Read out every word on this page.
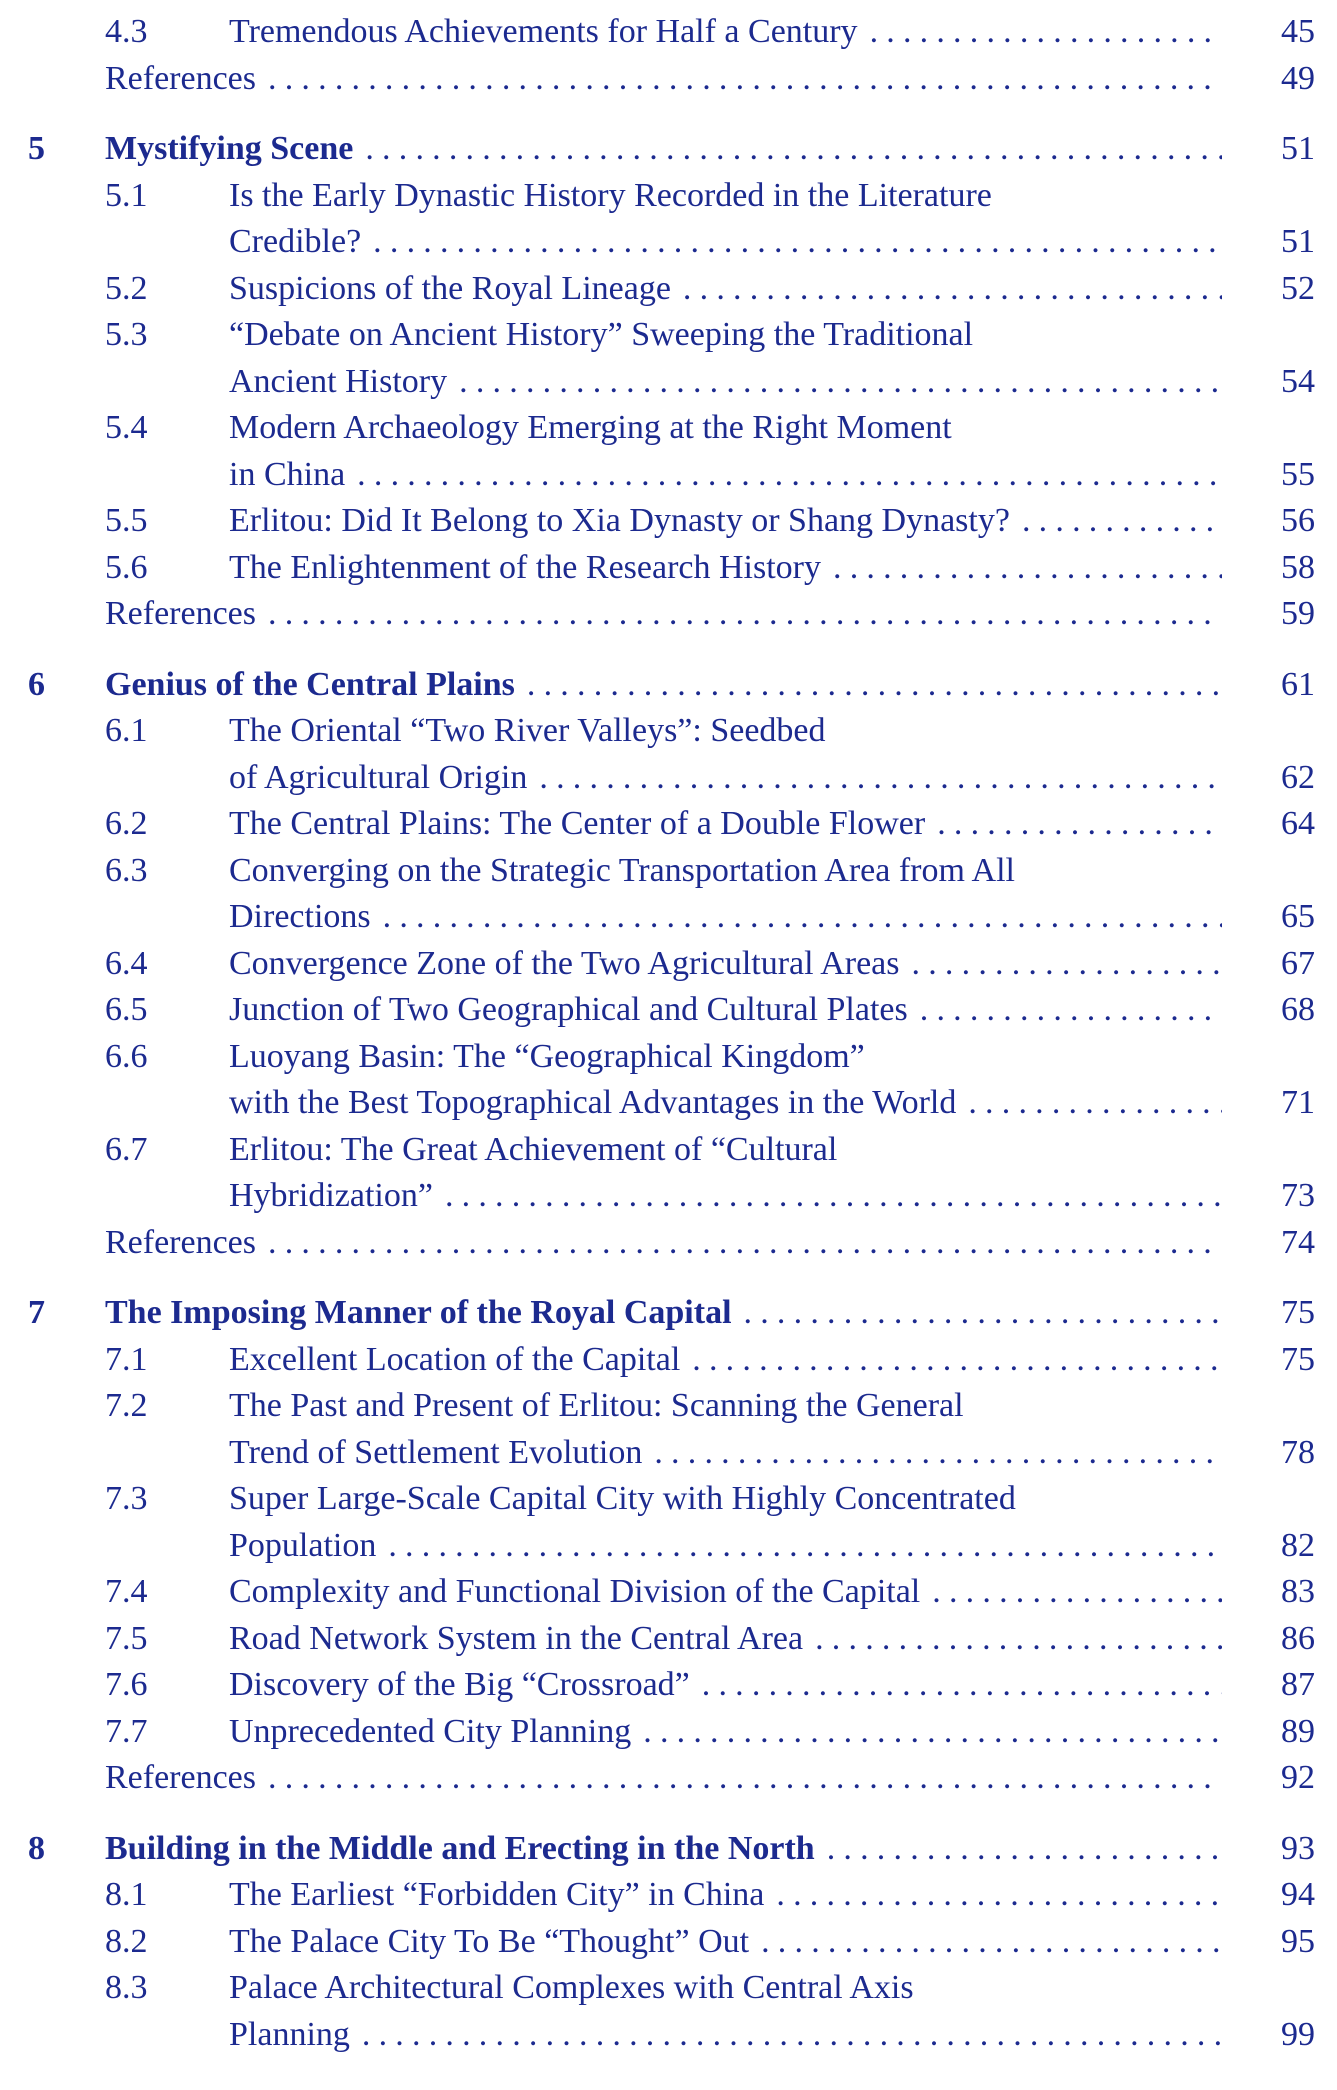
4.3 Tremendous Achievements for Half a Century .....	45
References .....	49
5 Mystifying Scene .....	51
5.1 Is the Early Dynastic History Recorded in the Literature
Credible? .....	51
5.2 Suspicions of the Royal Lineage .....	52
5.3 “Debate on Ancient History” Sweeping the Traditional
Ancient History .....	54
5.4 Modern Archaeology Emerging at the Right Moment
in China .....	55
5.5 Erlitou: Did It Belong to Xia Dynasty or Shang Dynasty? .....	56
5.6 The Enlightenment of the Research History .....	58
References .....	59
6 Genius of the Central Plains .....	61
6.1 The Oriental “Two River Valleys”: Seedbed
of Agricultural Origin .....	62
6.2 The Central Plains: The Center of a Double Flower .....	64
6.3 Converging on the Strategic Transportation Area from All
Directions .....	65
6.4 Convergence Zone of the Two Agricultural Areas .....	67
6.5 Junction of Two Geographical and Cultural Plates .....	68
6.6 Luoyang Basin: The “Geographical Kingdom”
with the Best Topographical Advantages in the World .....	71
6.7 Erlitou: The Great Achievement of “Cultural
Hybridization” .....	73
References .....	74
7 The Imposing Manner of the Royal Capital .....	75
7.1 Excellent Location of the Capital .....	75
7.2 The Past and Present of Erlitou: Scanning the General
Trend of Settlement Evolution .....	78
7.3 Super Large-Scale Capital City with Highly Concentrated
Population .....	82
7.4 Complexity and Functional Division of the Capital .....	83
7.5 Road Network System in the Central Area .....	86
7.6 Discovery of the Big “Crossroad” .....	87
7.7 Unprecedented City Planning .....	89
References .....	92
8 Building in the Middle and Erecting in the North .....	93
8.1 The Earliest “Forbidden City” in China .....	94
8.2 The Palace City To Be “Thought” Out .....	95
8.3 Palace Architectural Complexes with Central Axis
Planning .....	99
